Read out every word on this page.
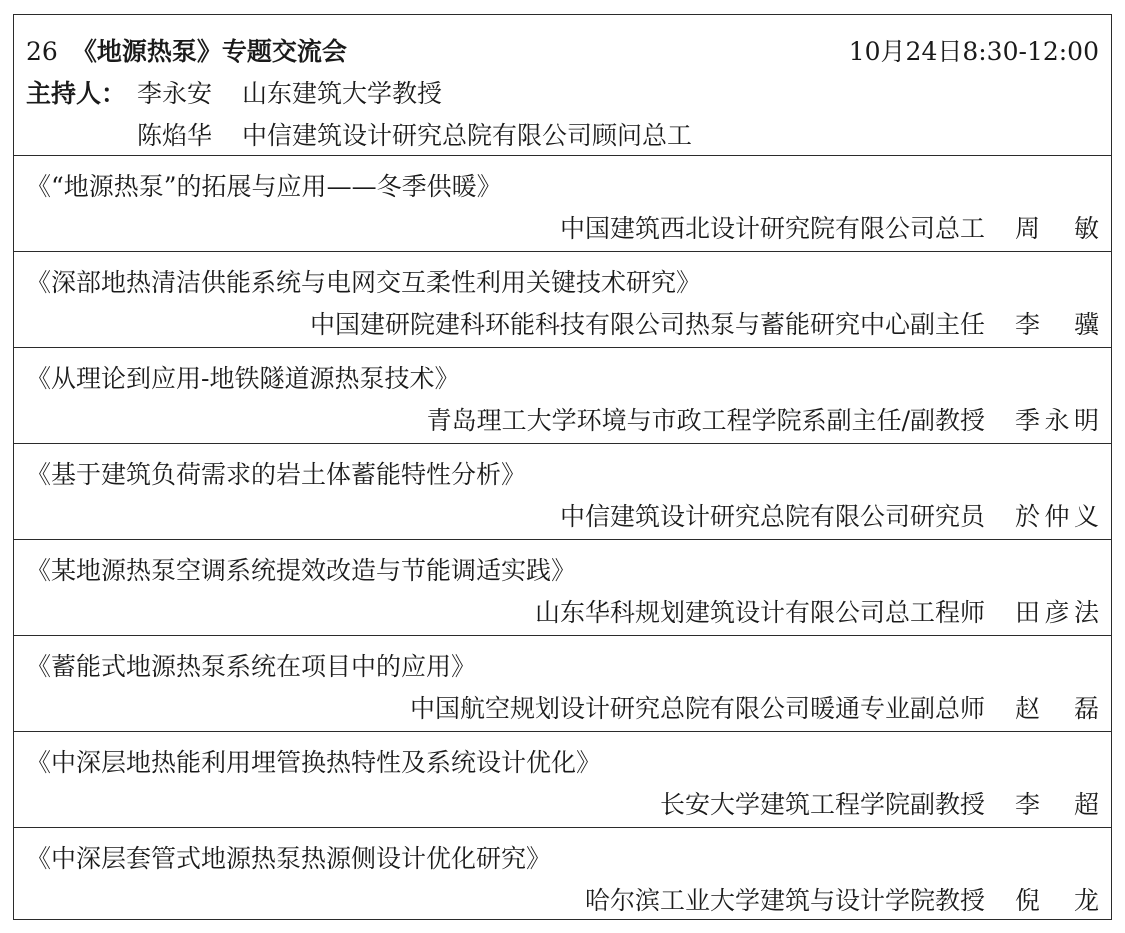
26 《地源热泵》专题交流会	10月24日8:30-12:00
主持人： 李永安 山东建筑大学教授
陈焰华 中信建筑设计研究总院有限公司顾问总工
《“地源热泵”的拓展与应用——冬季供暖》
中国建筑西北设计研究院有限公司总工 周　敏
《深部地热清洁供能系统与电网交互柔性利用关键技术研究》
中国建研院建科环能科技有限公司热泵与蓄能研究中心副主任 李　骥
《从理论到应用-地铁隧道源热泵技术》
青岛理工大学环境与市政工程学院系副主任/副教授 季永明
《基于建筑负荷需求的岩土体蓄能特性分析》
中信建筑设计研究总院有限公司研究员 於仲义
《某地源热泵空调系统提效改造与节能调适实践》
山东华科规划建筑设计有限公司总工程师 田彦法
《蓄能式地源热泵系统在项目中的应用》
中国航空规划设计研究总院有限公司暖通专业副总师 赵　磊
《中深层地热能利用埋管换热特性及系统设计优化》
长安大学建筑工程学院副教授 李　超
《中深层套管式地源热泵热源侧设计优化研究》
哈尔滨工业大学建筑与设计学院教授 倪　龙
